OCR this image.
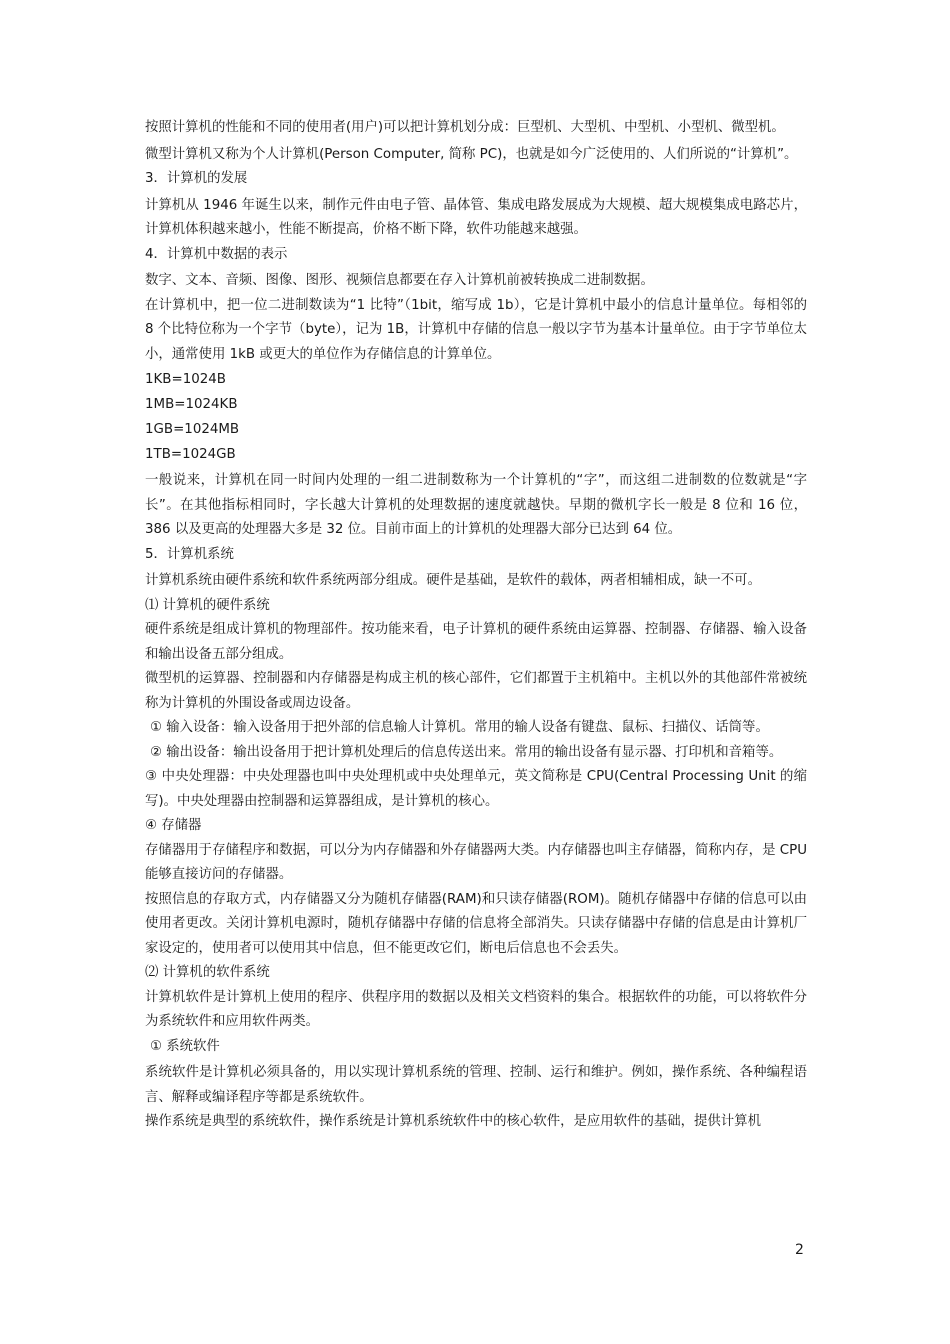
按照计算机的性能和不同的使用者(用户)可以把计算机划分成：巨型机、大型机、中型机、小型机、微型机。

微型计算机又称为个人计算机(Person Computer, 简称 PC)，也就是如今广泛使用的、人们所说的“计算机”。

3．计算机的发展

计算机从 1946 年诞生以来，制作元件由电子管、晶体管、集成电路发展成为大规模、超大规模集成电路芯片，计算机体积越来越小，性能不断提高，价格不断下降，软件功能越来越强。

4．计算机中数据的表示

数字、文本、音频、图像、图形、视频信息都要在存入计算机前被转换成二进制数据。

在计算机中，把一位二进制数读为“1 比特”（1bit，缩写成 1b），它是计算机中最小的信息计量单位。每相邻的 8 个比特位称为一个字节（byte），记为 1B，计算机中存储的信息一般以字节为基本计量单位。由于字节单位太小，通常使用 1kB 或更大的单位作为存储信息的计算单位。

1KB=1024B

1MB=1024KB

1GB=1024MB

1TB=1024GB

一般说来，计算机在同一时间内处理的一组二进制数称为一个计算机的“字”，而这组二进制数的位数就是“字长”。在其他指标相同时，字长越大计算机的处理数据的速度就越快。早期的微机字长一般是 8 位和 16 位，386 以及更高的处理器大多是 32 位。目前市面上的计算机的处理器大部分已达到 64 位。

5．计算机系统

计算机系统由硬件系统和软件系统两部分组成。硬件是基础，是软件的载体，两者相辅相成，缺一不可。

⑴ 计算机的硬件系统

硬件系统是组成计算机的物理部件。按功能来看，电子计算机的硬件系统由运算器、控制器、存储器、输入设备和输出设备五部分组成。

微型机的运算器、控制器和内存储器是构成主机的核心部件，它们都置于主机箱中。主机以外的其他部件常被统称为计算机的外围设备或周边设备。

① 输入设备：输入设备用于把外部的信息输人计算机。常用的输人设备有键盘、鼠标、扫描仪、话筒等。

② 输出设备：输出设备用于把计算机处理后的信息传送出来。常用的输出设备有显示器、打印机和音箱等。

③ 中央处理器：中央处理器也叫中央处理机或中央处理单元，英文简称是 CPU(Central Processing Unit 的缩写)。中央处理器由控制器和运算器组成，是计算机的核心。

④ 存储器

存储器用于存储程序和数据，可以分为内存储器和外存储器两大类。内存储器也叫主存储器，简称内存，是 CPU 能够直接访问的存储器。

按照信息的存取方式，内存储器又分为随机存储器(RAM)和只读存储器(ROM)。随机存储器中存储的信息可以由使用者更改。关闭计算机电源时，随机存储器中存储的信息将全部消失。只读存储器中存储的信息是由计算机厂家设定的，使用者可以使用其中信息，但不能更改它们，断电后信息也不会丢失。

⑵ 计算机的软件系统

计算机软件是计算机上使用的程序、供程序用的数据以及相关文档资料的集合。根据软件的功能，可以将软件分为系统软件和应用软件两类。

① 系统软件

系统软件是计算机必须具备的，用以实现计算机系统的管理、控制、运行和维护。例如，操作系统、各种编程语言、解释或编译程序等都是系统软件。

操作系统是典型的系统软件，操作系统是计算机系统软件中的核心软件，是应用软件的基础，提供计算机

2
